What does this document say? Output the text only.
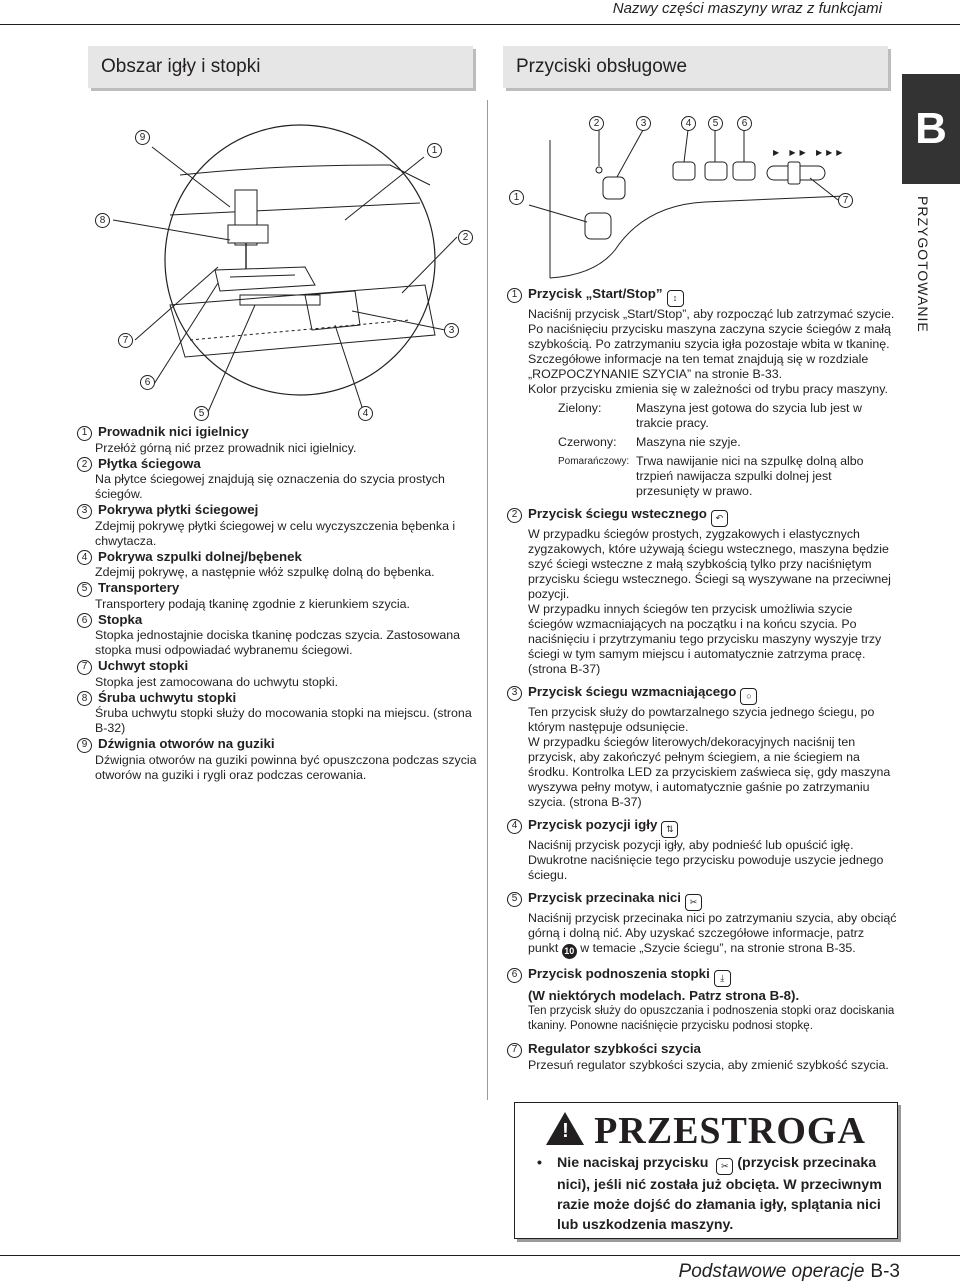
Nazwy części maszyny wraz z funkcjami
Obszar igły i stopki	Przyciski obsługowe
B
PRZYGOTOWANIE
9
1
8
2
7
3
6
5	4
1 Prowadnik nici igielnicy
Przełóż górną nić przez prowadnik nici igielnicy.
2 Płytka ściegowa
Na płytce ściegowej znajdują się oznaczenia do szycia prostych ściegów.
3 Pokrywa płytki ściegowej
Zdejmij pokrywę płytki ściegowej w celu wyczyszczenia bębenka i chwytacza.
4 Pokrywa szpulki dolnej/bębenek
Zdejmij pokrywę, a następnie włóż szpulkę dolną do bębenka.
5 Transportery
Transportery podają tkaninę zgodnie z kierunkiem szycia.
6 Stopka
Stopka jednostajnie dociska tkaninę podczas szycia. Zastosowana stopka musi odpowiadać wybranemu ściegowi.
7 Uchwyt stopki
Stopka jest zamocowana do uchwytu stopki.
8 Śruba uchwytu stopki
Śruba uchwytu stopki służy do mocowania stopki na miejscu. (strona B-32)
9 Dźwignia otworów na guziki
Dźwignia otworów na guziki powinna być opuszczona podczas szycia otworów na guziki i rygli oraz podczas cerowania.
2	3	4	5	6
1	7
▶ ▶▶ ▶▶▶
1 Przycisk „Start/Stop” ↕
Naciśnij przycisk „Start/Stop”, aby rozpocząć lub zatrzymać szycie. Po naciśnięciu przycisku maszyna zaczyna szycie ściegów z małą szybkością. Po zatrzymaniu szycia igła pozostaje wbita w tkaninę. Szczegółowe informacje na ten temat znajdują się w rozdziale „ROZPOCZYNANIE SZYCIA” na stronie B-33.
Kolor przycisku zmienia się w zależności od trybu pracy maszyny.
Zielony:	Maszyna jest gotowa do szycia lub jest w trakcie pracy.
Czerwony:	Maszyna nie szyje.
Pomarańczowy: Trwa nawijanie nici na szpulkę dolną albo trzpień nawijacza szpulki dolnej jest przesunięty w prawo.
2 Przycisk ściegu wstecznego ↶
W przypadku ściegów prostych, zygzakowych i elastycznych zygzakowych, które używają ściegu wstecznego, maszyna będzie szyć ściegi wsteczne z małą szybkością tylko przy naciśniętym przycisku ściegu wstecznego. Ściegi są wyszywane na przeciwnej pozycji.
W przypadku innych ściegów ten przycisk umożliwia szycie ściegów wzmacniających na początku i na końcu szycia. Po naciśnięciu i przytrzymaniu tego przycisku maszyny wyszyje trzy ściegi w tym samym miejscu i automatycznie zatrzyma pracę. (strona B-37)
3 Przycisk ściegu wzmacniającego ○
Ten przycisk służy do powtarzalnego szycia jednego ściegu, po którym następuje odsunięcie.
W przypadku ściegów literowych/dekoracyjnych naciśnij ten przycisk, aby zakończyć pełnym ściegiem, a nie ściegiem na środku. Kontrolka LED za przyciskiem zaświeca się, gdy maszyna wyszywa pełny motyw, i automatycznie gaśnie po zatrzymaniu szycia. (strona B-37)
4 Przycisk pozycji igły ⇅
Naciśnij przycisk pozycji igły, aby podnieść lub opuścić igłę. Dwukrotne naciśnięcie tego przycisku powoduje uszycie jednego ściegu.
5 Przycisk przecinaka nici ✂
Naciśnij przycisk przecinaka nici po zatrzymaniu szycia, aby obciąć górną i dolną nić. Aby uzyskać szczegółowe informacje, patrz punkt 10 w temacie „Szycie ściegu”, na stronie strona B-35.
6 Przycisk podnoszenia stopki ⤓
(W niektórych modelach. Patrz strona B-8).
Ten przycisk służy do opuszczania i podnoszenia stopki oraz dociskania tkaniny. Ponowne naciśnięcie przycisku podnosi stopkę.
7 Regulator szybkości szycia
Przesuń regulator szybkości szycia, aby zmienić szybkość szycia.
! PRZESTROGA
•	Nie naciskaj przycisku ✂ (przycisk przecinaka nici), jeśli nić została już obcięta. W przeciwnym razie może dojść do złamania igły, splątania nici lub uszkodzenia maszyny.
Podstawowe operacje B-3
